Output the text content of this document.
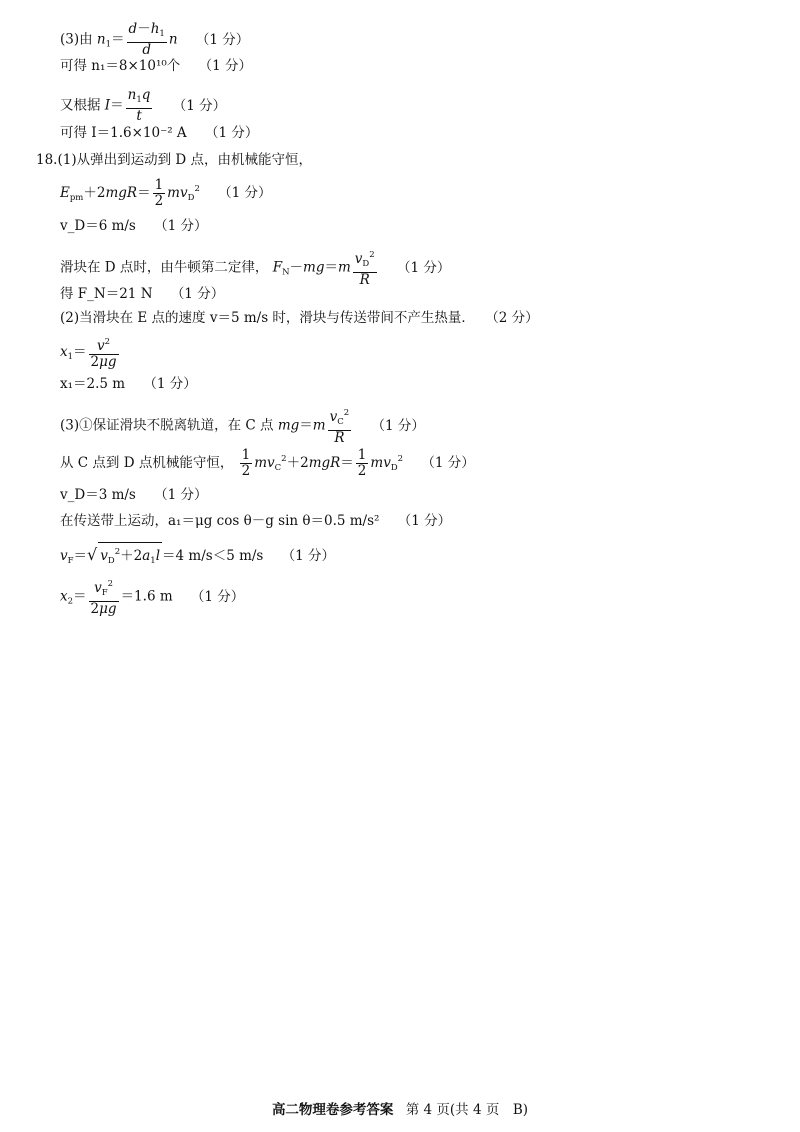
(3)由 $n_1= \frac{d-h_1}{d}$ n （1 分）
可得 n₁＝8×10¹⁰个 （1 分）
又根据 $I= \frac{n_1q}{t} (1$ 分）
可得 I＝1.6×10⁻² A （1 分）
18.(1)从弹出到运动到 D 点，由机械能守恒，
$E_{pm}+2mgR= \frac{1}{2} mv_D^2$ （1 分）
v_D＝6 m/s （1 分）
滑块在 D 点时，由牛顿第二定律， $F_N-mg=m \frac{v_D^2}{R} (1$ 分）
得 F_N＝21 N （1 分）
(2)当滑块在 E 点的速度 v＝5 m/s 时，滑块与传送带间不产生热量． （2 分）
$x_1= \frac{v^2}{2\mu g}$
x₁＝2.5 m （1 分）
(3)①保证滑块不脱离轨道，在 C 点 $mg=m \frac{v_C^2}{R} (1$ 分）
从 C 点到 D 点机械能守恒， $\frac{1}{2} mv_C^2+2mgR= \frac{1}{2} mv_D^2$ （1 分）
v_D＝3 m/s （1 分）
在传送带上运动，a₁＝μg cos θ－g sin θ＝0.5 m/s² （1 分）
$v_F=√$ $v_D^2+2a_1l =4$ m/s＜5 m/s （1 分）
$x_2= \frac{v_F^2}{2\mu g} =1.6$ m （1 分）
高二物理卷参考答案 第 4 页(共 4 页　B)
